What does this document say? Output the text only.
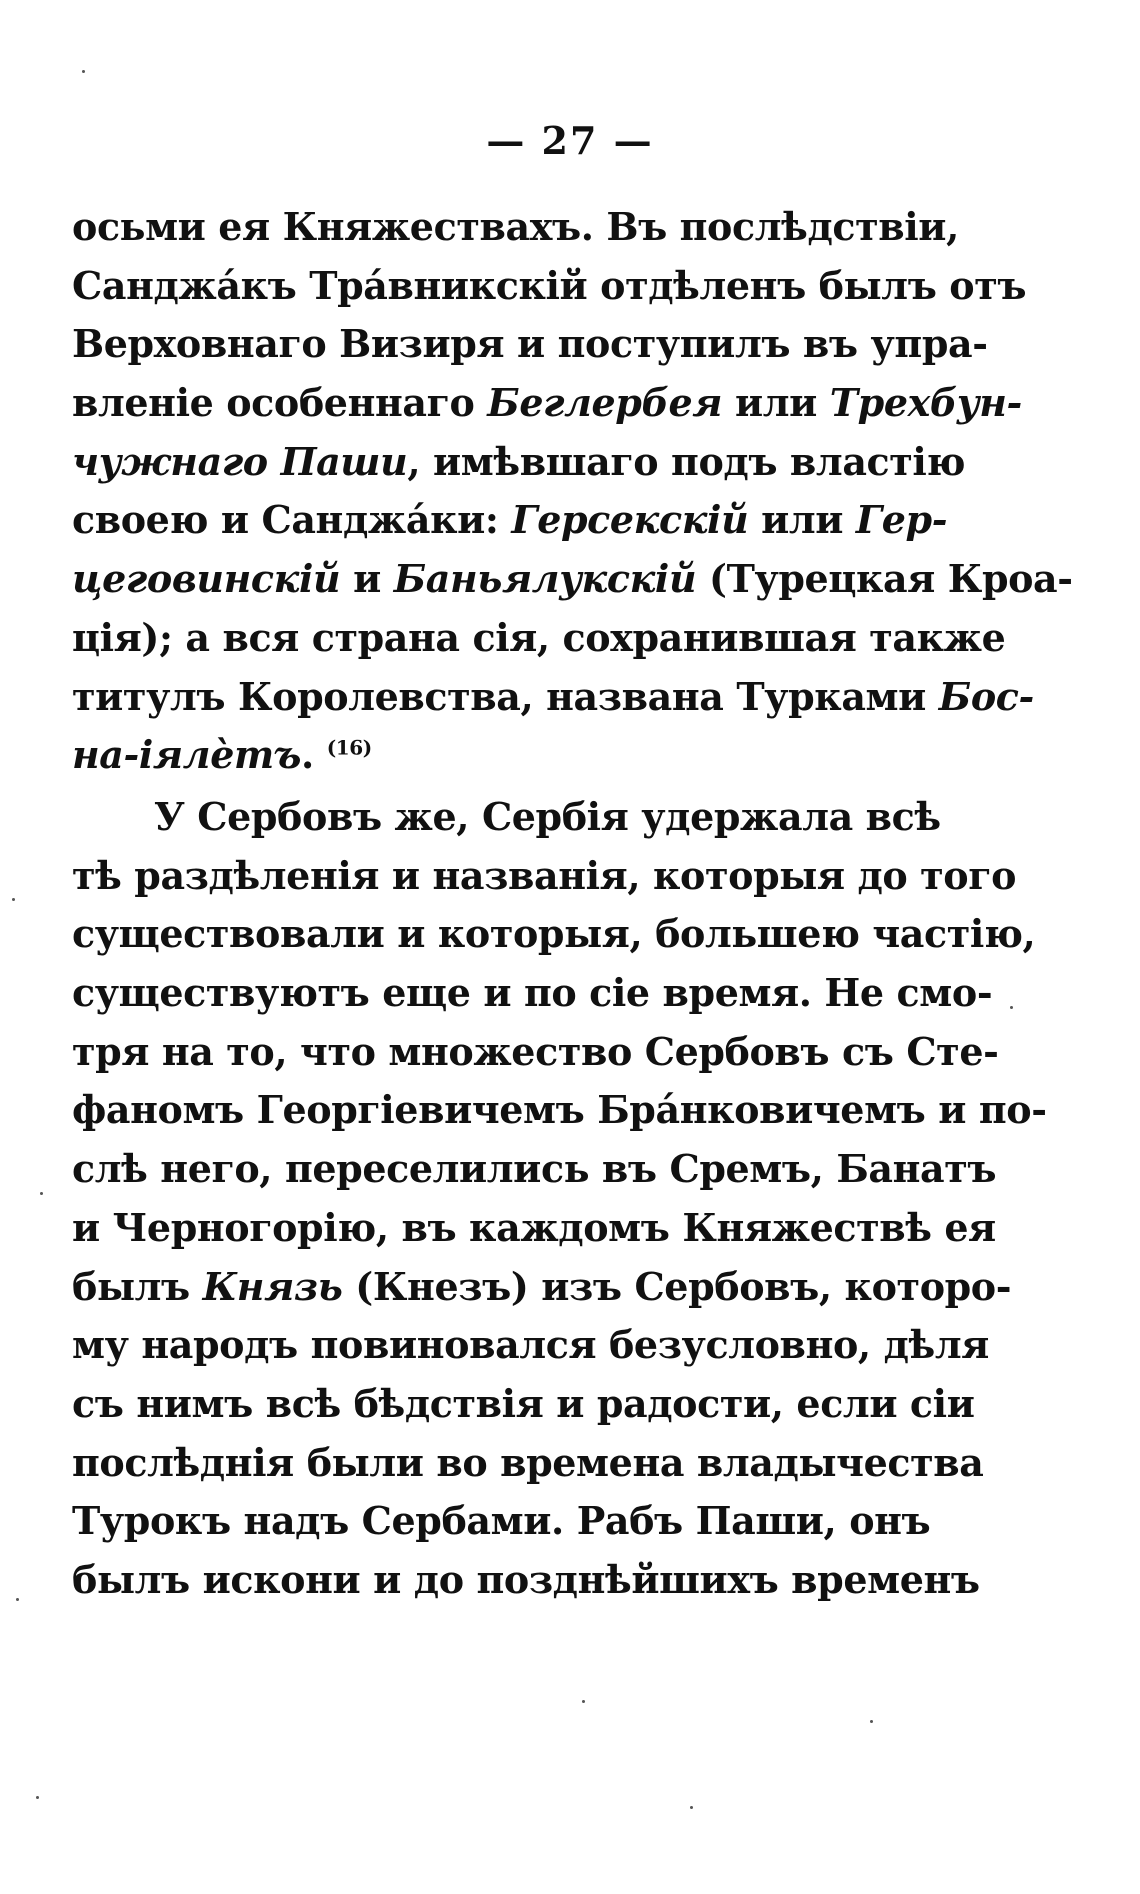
— 27 —
осьми ея Княжествахъ. Въ послѣдствіи,
Санджáкъ Трáвникскій отдѣленъ былъ отъ
Верховнаго Визиря и поступилъ въ упра-
вленіе особеннаго Беглербея или Трехбун-
чужнаго Паши, имѣвшаго подъ властію
своею и Санджáки: Герсекскій или Гер-
цеговинскій и Баньялукскій (Турецкая Кроа-
ція); а вся страна сія, сохранившая также
титулъ Королевства, названа Турками Бос-
на-іялѐтъ. $^{(16)}$
У Сербовъ же, Сербія удержала всѣ
тѣ раздѣленія и названія, которыя до того
существовали и которыя, большею частію,
существуютъ еще и по сіе время. Не смо-
тря на то, что множество Сербовъ съ Сте-
фаномъ Георгіевичемъ Брáнковичемъ и по-
слѣ него, переселились въ Сремъ, Банатъ
и Черногорію, въ каждомъ Княжествѣ ея
былъ Князь (Кнезъ) изъ Сербовъ, которо-
му народъ повиновался безусловно, дѣля
съ нимъ всѣ бѣдствія и радости, если сіи
послѣднія были во времена владычества
Турокъ надъ Сербами. Рабъ Паши, онъ
былъ искони и до позднѣйшихъ временъ
